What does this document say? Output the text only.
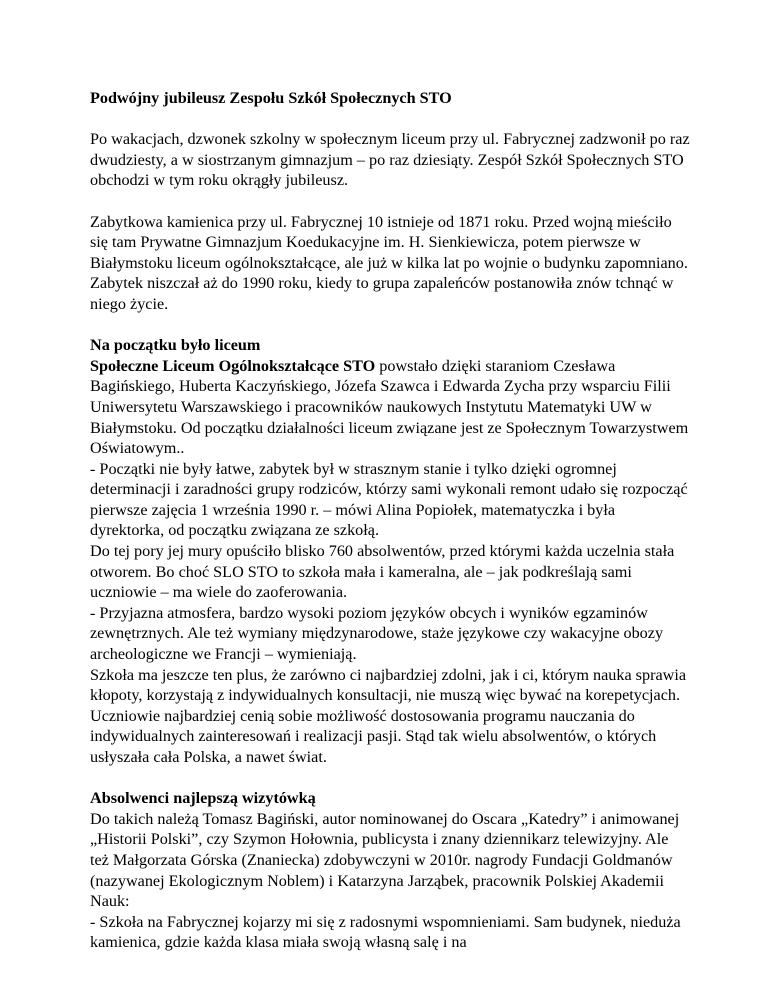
Podwójny jubileusz Zespołu Szkół Społecznych STO

Po wakacjach, dzwonek szkolny w społecznym liceum przy ul. Fabrycznej zadzwonił po raz dwudziesty, a w siostrzanym gimnazjum – po raz dziesiąty. Zespół Szkół Społecznych STO obchodzi w tym roku okrągły jubileusz.

Zabytkowa kamienica przy ul. Fabrycznej 10 istnieje od 1871 roku. Przed wojną mieściło się tam Prywatne Gimnazjum Koedukacyjne im. H. Sienkiewicza, potem pierwsze w Białymstoku liceum ogólnokształcące, ale już w kilka lat po wojnie o budynku zapomniano. Zabytek niszczał aż do 1990 roku, kiedy to grupa zapaleńców postanowiła znów tchnąć w niego życie.

Na początku było liceum

Społeczne Liceum Ogólnokształcące STO powstało dzięki staraniom Czesława Bagińskiego, Huberta Kaczyńskiego, Józefa Szawca i Edwarda Zycha przy wsparciu Filii Uniwersytetu Warszawskiego i pracowników naukowych Instytutu Matematyki UW w Białymstoku. Od początku działalności liceum związane jest ze Społecznym Towarzystwem Oświatowym..

- Początki nie były łatwe, zabytek był w strasznym stanie i tylko dzięki ogromnej determinacji i zaradności grupy rodziców, którzy sami wykonali remont udało się rozpocząć pierwsze zajęcia 1 września 1990 r. – mówi Alina Popiołek, matematyczka i była dyrektorka, od początku związana ze szkołą.

Do tej pory jej mury opuściło blisko 760 absolwentów, przed którymi każda uczelnia stała otworem. Bo choć SLO STO to szkoła mała i kameralna, ale – jak podkreślają sami uczniowie – ma wiele do zaoferowania.

- Przyjazna atmosfera, bardzo wysoki poziom języków obcych i wyników egzaminów zewnętrznych. Ale też wymiany międzynarodowe, staże językowe czy wakacyjne obozy archeologiczne we Francji – wymieniają.

Szkoła ma jeszcze ten plus, że zarówno ci najbardziej zdolni, jak i ci, którym nauka sprawia kłopoty, korzystają z indywidualnych konsultacji, nie muszą więc bywać na korepetycjach.

Uczniowie najbardziej cenią sobie możliwość dostosowania programu nauczania do indywidualnych zainteresowań i realizacji pasji. Stąd tak wielu absolwentów, o których usłyszała cała Polska, a nawet świat.

Absolwenci najlepszą wizytówką

Do takich należą Tomasz Bagiński, autor nominowanej do Oscara „Katedry” i animowanej „Historii Polski”, czy Szymon Hołownia, publicysta i znany dziennikarz telewizyjny. Ale też Małgorzata Górska (Znaniecka) zdobywczyni w 2010r. nagrody Fundacji Goldmanów (nazywanej Ekologicznym Noblem) i Katarzyna Jarząbek, pracownik Polskiej Akademii Nauk:

- Szkoła na Fabrycznej kojarzy mi się z radosnymi wspomnieniami. Sam budynek, nieduża kamienica, gdzie każda klasa miała swoją własną salę i na
